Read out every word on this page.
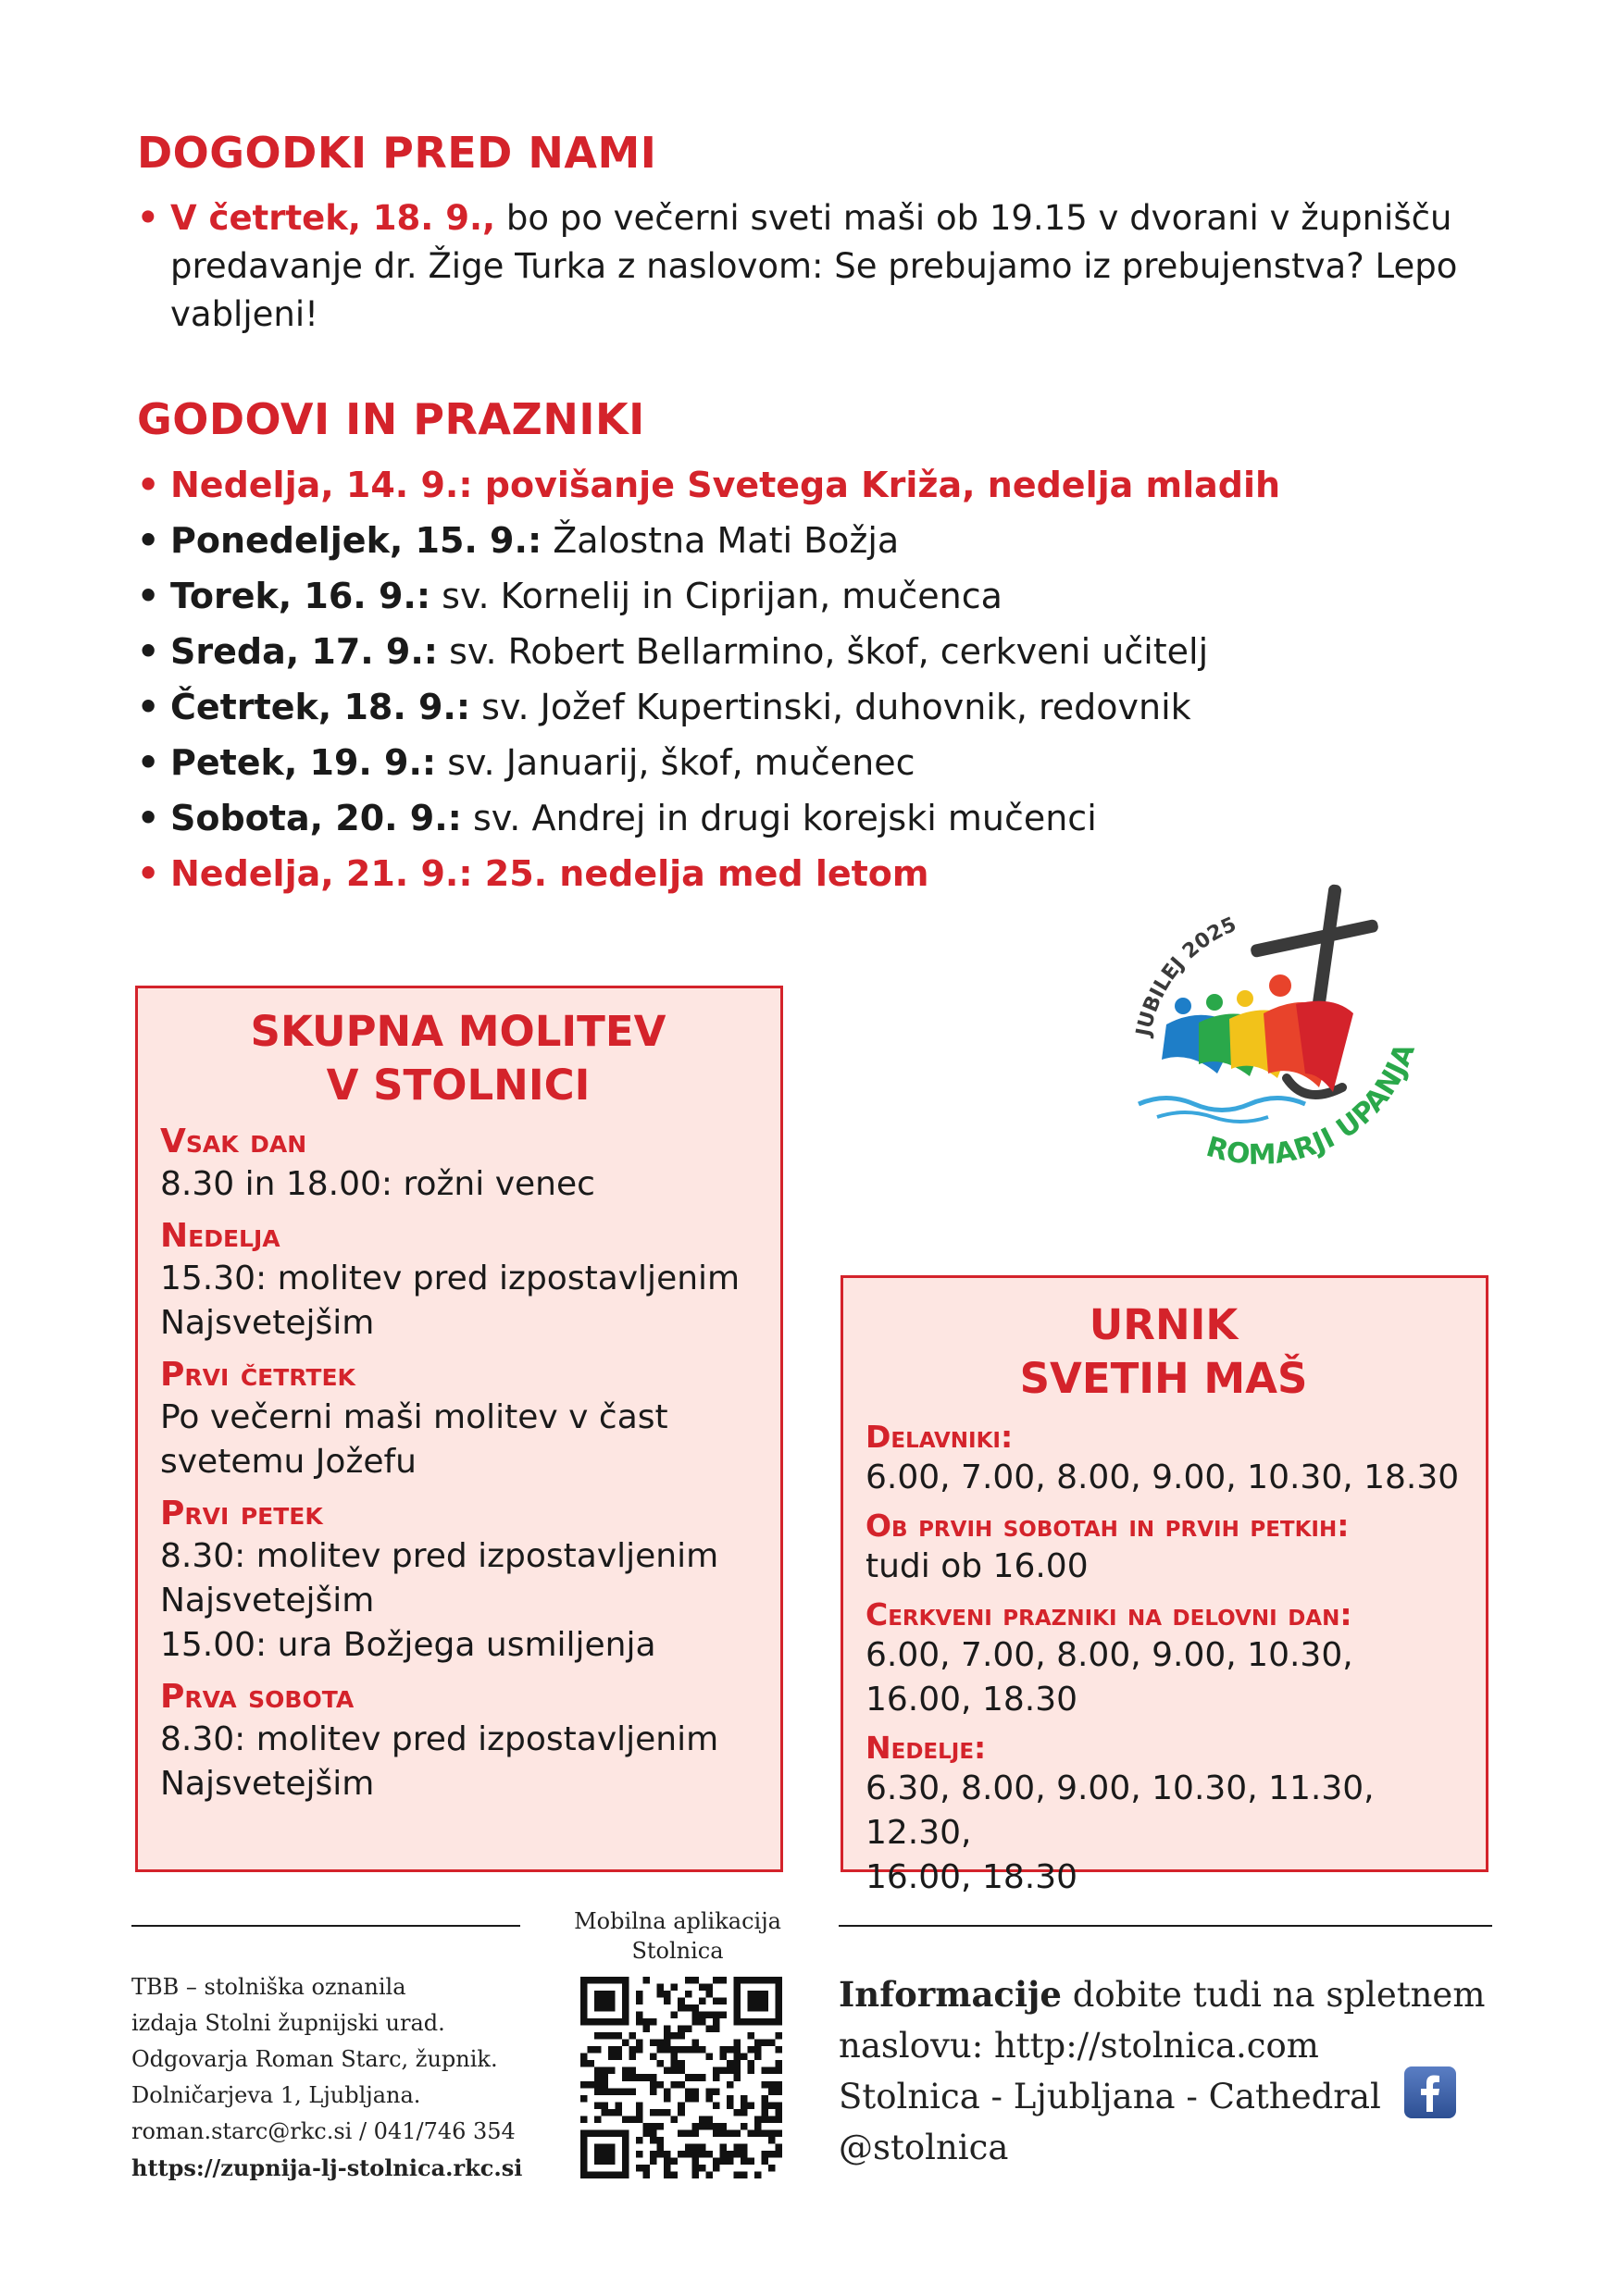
DOGODKI PRED NAMI
• V četrtek, 18. 9., bo po večerni sveti maši ob 19.15 v dvorani v župnišču predavanje dr. Žige Turka z naslovom: Se prebujamo iz prebujenstva? Lepo vabljeni!
GODOVI IN PRAZNIKI
• Nedelja, 14. 9.: povišanje Svetega Križa, nedelja mladih
• Ponedeljek, 15. 9.: Žalostna Mati Božja
• Torek, 16. 9.: sv. Kornelij in Ciprijan, mučenca
• Sreda, 17. 9.: sv. Robert Bellarmino, škof, cerkveni učitelj
• Četrtek, 18. 9.: sv. Jožef Kupertinski, duhovnik, redovnik
• Petek, 19. 9.: sv. Januarij, škof, mučenec
• Sobota, 20. 9.: sv. Andrej in drugi korejski mučenci
• Nedelja, 21. 9.: 25. nedelja med letom
JUBILEJ 2025
ROMARJI UPANJA
SKUPNA MOLITEV
V STOLNICI
Vsak dan
8.30 in 18.00: rožni venec
Nedelja
15.30: molitev pred izpostavljenim
Najsvetejšim
Prvi četrtek
Po večerni maši molitev v čast
svetemu Jožefu
Prvi petek
8.30: molitev pred izpostavljenim
Najsvetejšim
15.00: ura Božjega usmiljenja
Prva sobota
8.30: molitev pred izpostavljenim
Najsvetejšim
URNIK
SVETIH MAŠ
Delavniki:
6.00, 7.00, 8.00, 9.00, 10.30, 18.30
Ob prvih sobotah in prvih petkih:
tudi ob 16.00
Cerkveni prazniki na delovni dan:
6.00, 7.00, 8.00, 9.00, 10.30, 16.00, 18.30
Nedelje:
6.30, 8.00, 9.00, 10.30, 11.30, 12.30,
16.00, 18.30
TBB – stolniška oznanila
izdaja Stolni župnijski urad.
Odgovarja Roman Starc, župnik.
Dolničarjeva 1, Ljubljana.
roman.starc@rkc.si / 041/746 354
https://zupnija-lj-stolnica.rkc.si
Mobilna aplikacija
Stolnica
Informacije dobite tudi na spletnem
naslovu: http://stolnica.com
Stolnica - Ljubljana - Cathedral
@stolnica
